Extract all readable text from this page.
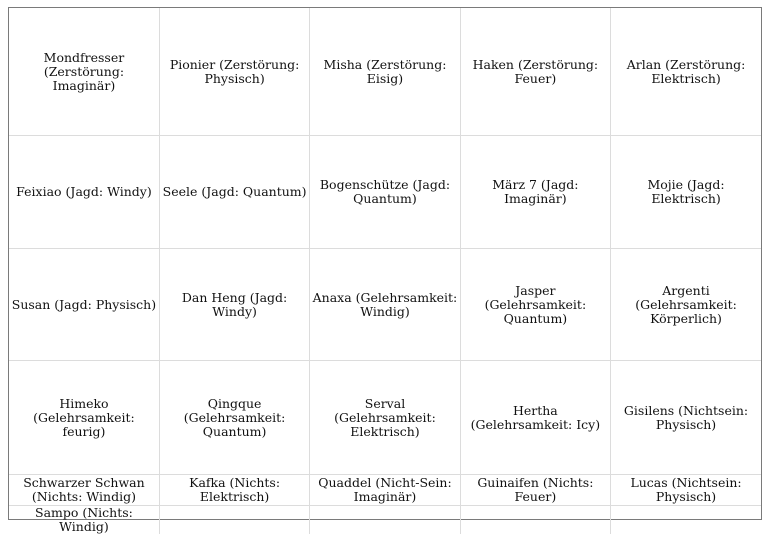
Mondfresser (Zerstörung: Imaginär)	Pionier (Zerstörung: Physisch)	Misha (Zerstörung: Eisig)	Haken (Zerstörung: Feuer)	Arlan (Zerstörung: Elektrisch)
Feixiao (Jagd: Windy)	Seele (Jagd: Quantum)	Bogenschütze (Jagd: Quantum)	März 7 (Jagd: Imaginär)	Mojie (Jagd: Elektrisch)
Susan (Jagd: Physisch)	Dan Heng (Jagd: Windy)	Anaxa (Gelehrsamkeit: Windig)	Jasper (Gelehrsamkeit: Quantum)	Argenti (Gelehrsamkeit: Körperlich)
Himeko (Gelehrsamkeit: feurig)	Qingque (Gelehrsamkeit: Quantum)	Serval (Gelehrsamkeit: Elektrisch)	Hertha (Gelehrsamkeit: Icy)	Gisilens (Nichtsein: Physisch)
Schwarzer Schwan (Nichts: Windig)	Kafka (Nichts: Elektrisch)	Quaddel (Nicht-Sein: Imaginär)	Guinaifen (Nichts: Feuer)	Lucas (Nichtsein: Physisch)
Sampo (Nichts: Windig)				
